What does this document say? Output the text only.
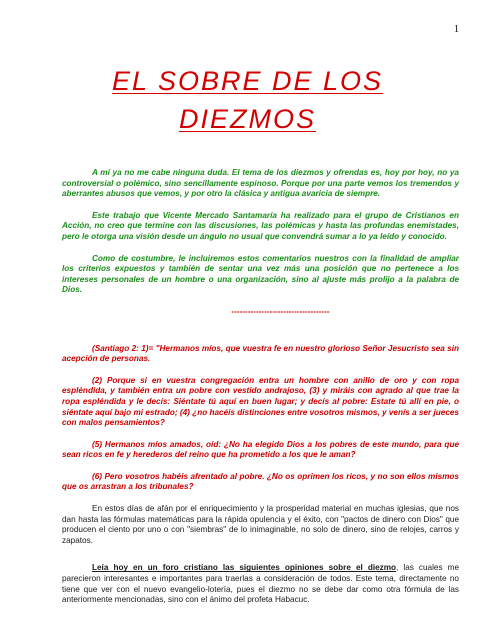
1
EL SOBRE DE LOS
DIEZMOS

A mí ya no me cabe ninguna duda. El tema de los diezmos y ofrendas es, hoy por hoy, no ya controversial o polémico, sino sencillamente espinoso. Porque por una parte vemos los tremendos y aberrantes abusos que vemos, y por otro la clásica y antigua avaricia de siempre.

Este trabajo que Vicente Mercado Santamaría ha realizado para el grupo de Cristianos en Acción, no creo que termine con las discusiones, las polémicas y hasta las profundas enemistades, pero le otorga una visión desde un ángulo no usual que convendrá sumar a lo ya leído y conocido.

Como de costumbre, le incluiremos estos comentarios nuestros con la finalidad de ampliar los criterios expuestos y también de sentar una vez más una posición que no pertenece a los intereses personales de un hombre o una organización, sino al ajuste más prolijo a la palabra de Dios.

------------------------------------

(Santiago 2: 1)= "Hermanos míos, que vuestra fe en nuestro glorioso Señor Jesucristo sea sin acepción de personas.

(2) Porque si en vuestra congregación entra un hombre con anillo de oro y con ropa espléndida, y también entra un pobre con vestido andrajoso, (3) y miráis con agrado al que trae la ropa espléndida y le decís: Siéntate tú aquí en buen lugar; y decís al pobre: Estate tú allí en pie, o siéntate aquí bajo mi estrado; (4) ¿no hacéis distinciones entre vosotros mismos, y venís a ser jueces con malos pensamientos?

(5) Hermanos míos amados, oíd: ¿No ha elegido Dios a los pobres de este mundo, para que sean ricos en fe y herederos del reino que ha prometido a los que le aman?

(6) Pero vosotros habéis afrentado al pobre. ¿No os oprimen los ricos, y no son ellos mismos que os arrastran a los tribunales?

En estos días de afán por el enriquecimiento y la prosperidad material en muchas iglesias, que nos dan hasta las fórmulas matemáticas para la rápida opulencia y el éxito, con "pactos de dinero con Dios" que producen el ciento por uno o con "siembras" de lo inimaginable, no solo de dinero, sino de relojes, carros y zapatos.

Leía hoy en un foro cristiano las siguientes opiniones sobre el diezmo, las cuales me parecieron interesantes e importantes para traerlas a consideración de todos. Este tema, directamente no tiene que ver con el nuevo evangelio-lotería, pues el diezmo no se debe dar como otra fórmula de las anteriormente mencionadas, sino con el ánimo del profeta Habacuc.
